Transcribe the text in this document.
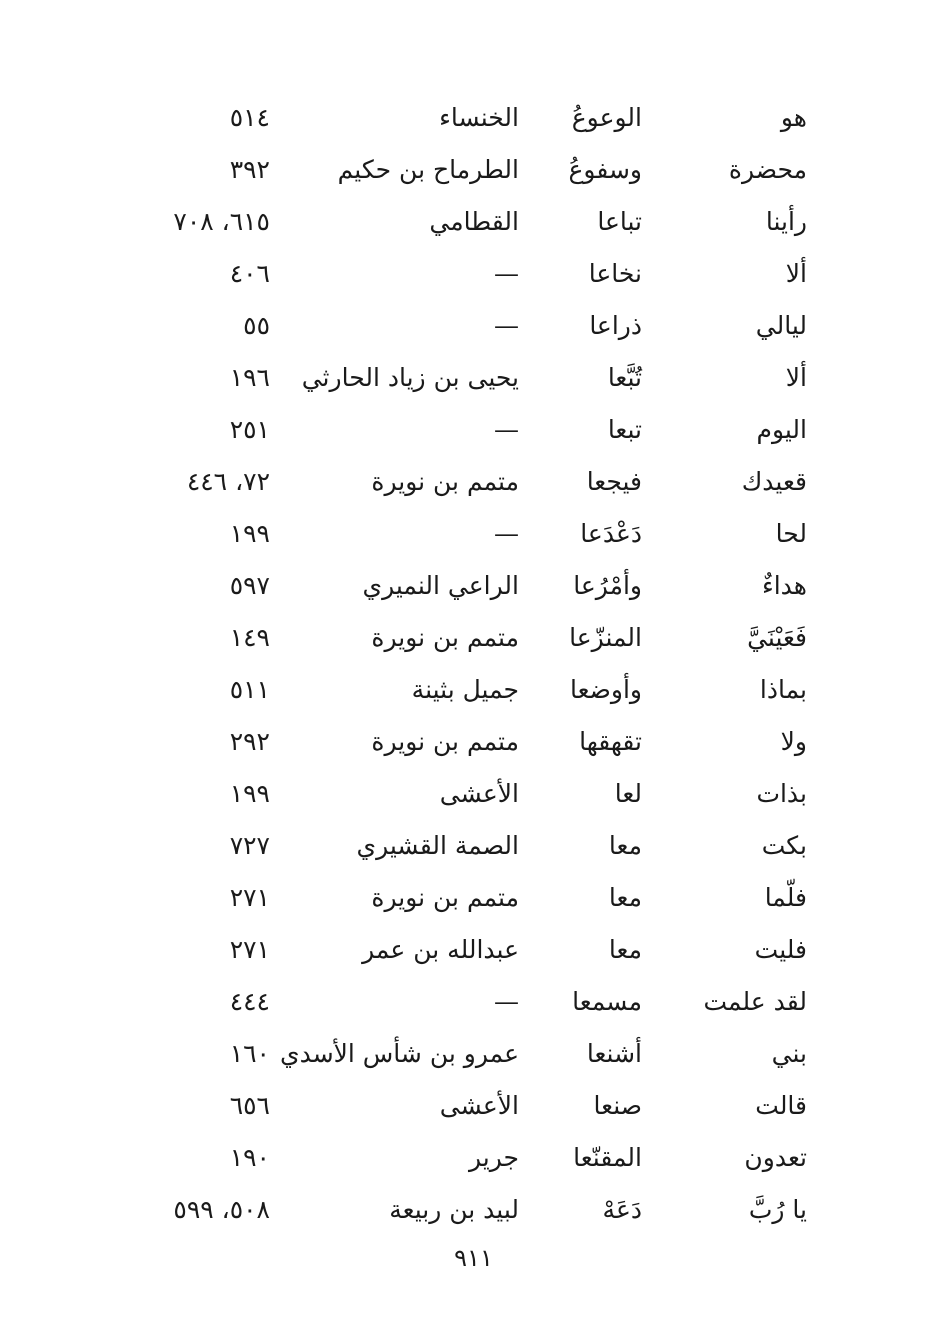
هو
الوعوعُ
الخنساء
٥١٤
محضرة
وسفوعُ
الطرماح بن حكيم
٣٩٢
رأينا
تباعا
القطامي
٦١٥، ٧٠٨
ألا
نخاعا
—
٤٠٦
ليالي
ذراعا
—
٥٥
ألا
تُبَّعا
يحيى بن زياد الحارثي
١٩٦
اليوم
تبعا
—
٢٥١
قعيدك
فيجعا
متمم بن نويرة
٧٢، ٤٤٦
لحا
دَعْدَعا
—
١٩٩
هداءٌ
وأمْرُعا
الراعي النميري
٥٩٧
فَعَيْنَيَّ
المنزّعا
متمم بن نويرة
١٤٩
بماذا
وأوضعا
جميل بثينة
٥١١
ولا
تقهقها
متمم بن نويرة
٢٩٢
بذات
لعا
الأعشى
١٩٩
بكت
معا
الصمة القشيري
٧٢٧
فلّما
معا
متمم بن نويرة
٢٧١
فليت
معا
عبدالله بن عمر
٢٧١
لقد علمت
مسمعا
—
٤٤٤
بني
أشنعا
عمرو بن شأس الأسدي
١٦٠
قالت
صنعا
الأعشى
٦٥٦
تعدون
المقنّعا
جرير
١٩٠
يا رُبَّ
دَعَهْ
لبيد بن ربيعة
٥٠٨، ٥٩٩
٩١١
